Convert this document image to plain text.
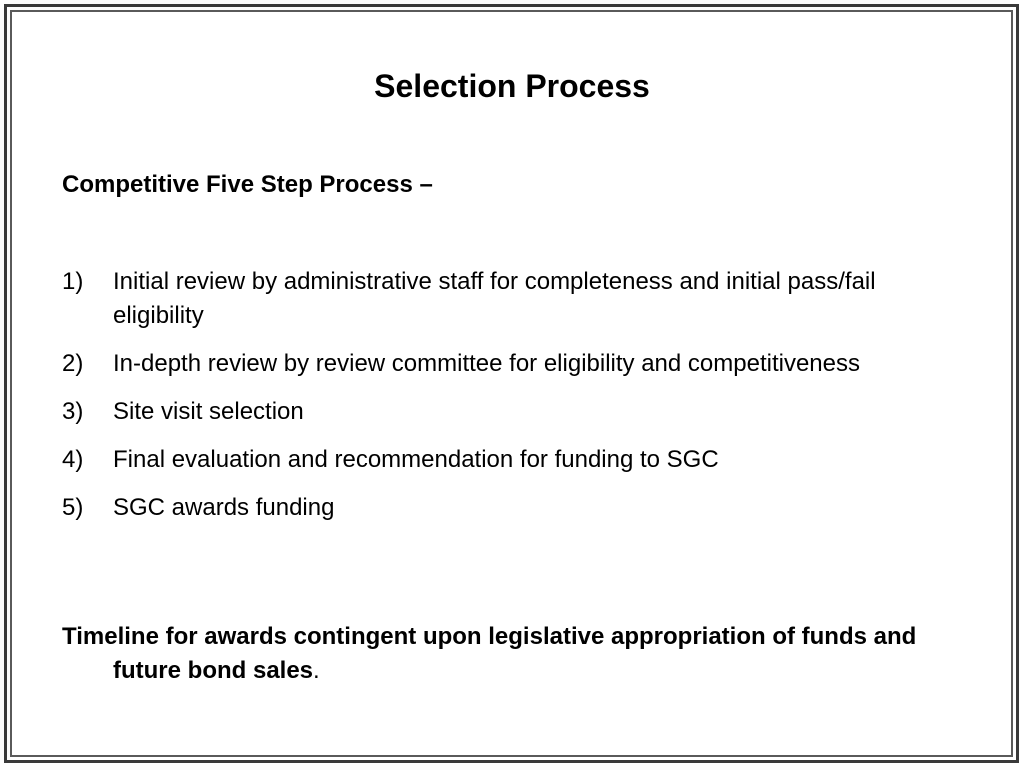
Selection Process
Competitive Five Step Process –
1) Initial review by administrative staff for completeness and initial pass/fail eligibility
2) In-depth review by review committee for eligibility and competitiveness
3) Site visit selection
4) Final evaluation and recommendation for funding to SGC
5) SGC awards funding
Timeline for awards contingent upon legislative appropriation of funds and future bond sales.
